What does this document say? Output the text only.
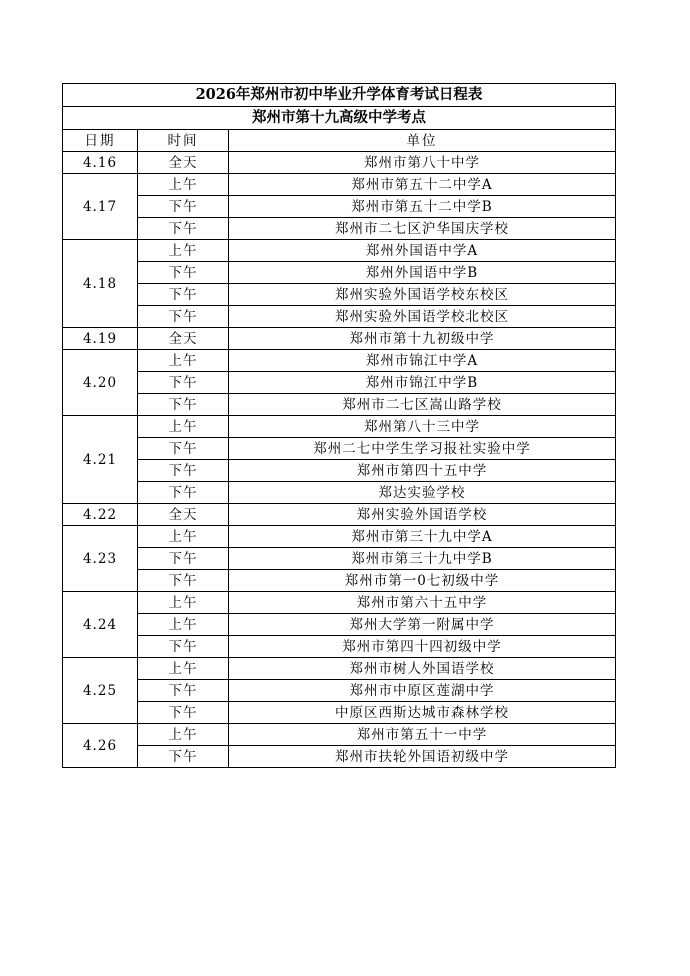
2026年郑州市初中毕业升学体育考试日程表		
郑州市第十九高级中学考点		
日期	时间	单位
4.16	全天	郑州市第八十中学
4.17	上午	郑州市第五十二中学A
	下午	郑州市第五十二中学B
	下午	郑州市二七区沪华国庆学校
4.18	上午	郑州外国语中学A
	下午	郑州外国语中学B
	下午	郑州实验外国语学校东校区
	下午	郑州实验外国语学校北校区
4.19	全天	郑州市第十九初级中学
4.20	上午	郑州市锦江中学A
	下午	郑州市锦江中学B
	下午	郑州市二七区嵩山路学校
4.21	上午	郑州第八十三中学
	下午	郑州二七中学生学习报社实验中学
	下午	郑州市第四十五中学
	下午	郑达实验学校
4.22	全天	郑州实验外国语学校
4.23	上午	郑州市第三十九中学A
	下午	郑州市第三十九中学B
	下午	郑州市第一0七初级中学
4.24	上午	郑州市第六十五中学
	上午	郑州大学第一附属中学
	下午	郑州市第四十四初级中学
4.25	上午	郑州市树人外国语学校
	下午	郑州市中原区莲湖中学
	下午	中原区西斯达城市森林学校
4.26	上午	郑州市第五十一中学
	下午	郑州市扶轮外国语初级中学
